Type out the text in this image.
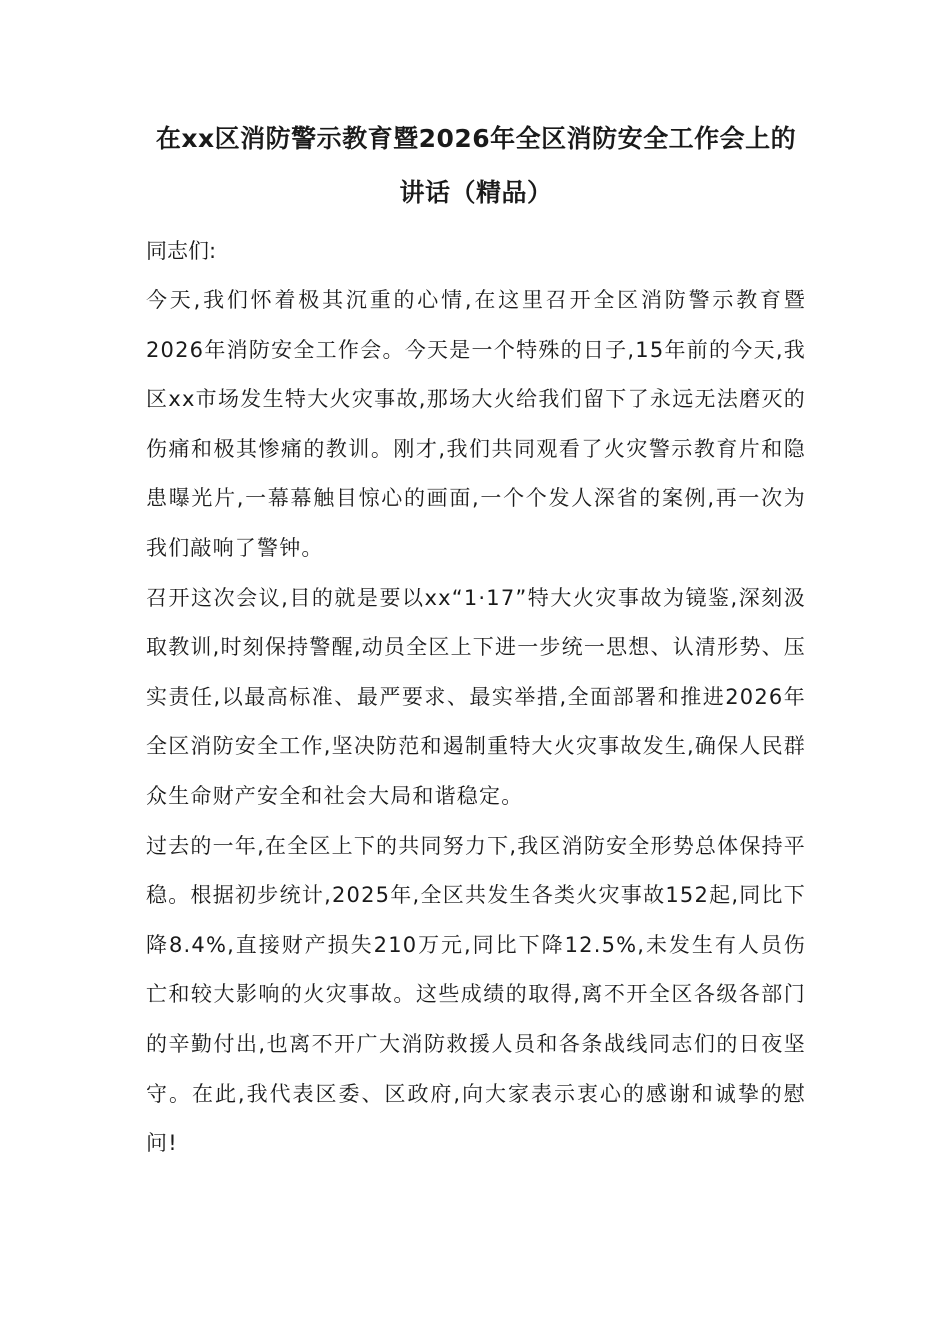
在xx区消防警示教育暨2026年全区消防安全工作会上的讲话（精品）

同志们:

今天,我们怀着极其沉重的心情,在这里召开全区消防警示教育暨2026年消防安全工作会。今天是一个特殊的日子,15年前的今天,我区xx市场发生特大火灾事故,那场大火给我们留下了永远无法磨灭的伤痛和极其惨痛的教训。刚才,我们共同观看了火灾警示教育片和隐患曝光片,一幕幕触目惊心的画面,一个个发人深省的案例,再一次为我们敲响了警钟。

召开这次会议,目的就是要以xx“1·17”特大火灾事故为镜鉴,深刻汲取教训,时刻保持警醒,动员全区上下进一步统一思想、认清形势、压实责任,以最高标准、最严要求、最实举措,全面部署和推进2026年全区消防安全工作,坚决防范和遏制重特大火灾事故发生,确保人民群众生命财产安全和社会大局和谐稳定。

过去的一年,在全区上下的共同努力下,我区消防安全形势总体保持平稳。根据初步统计,2025年,全区共发生各类火灾事故152起,同比下降8.4%,直接财产损失210万元,同比下降12.5%,未发生有人员伤亡和较大影响的火灾事故。这些成绩的取得,离不开全区各级各部门的辛勤付出,也离不开广大消防救援人员和各条战线同志们的日夜坚守。在此,我代表区委、区政府,向大家表示衷心的感谢和诚挚的慰问!
